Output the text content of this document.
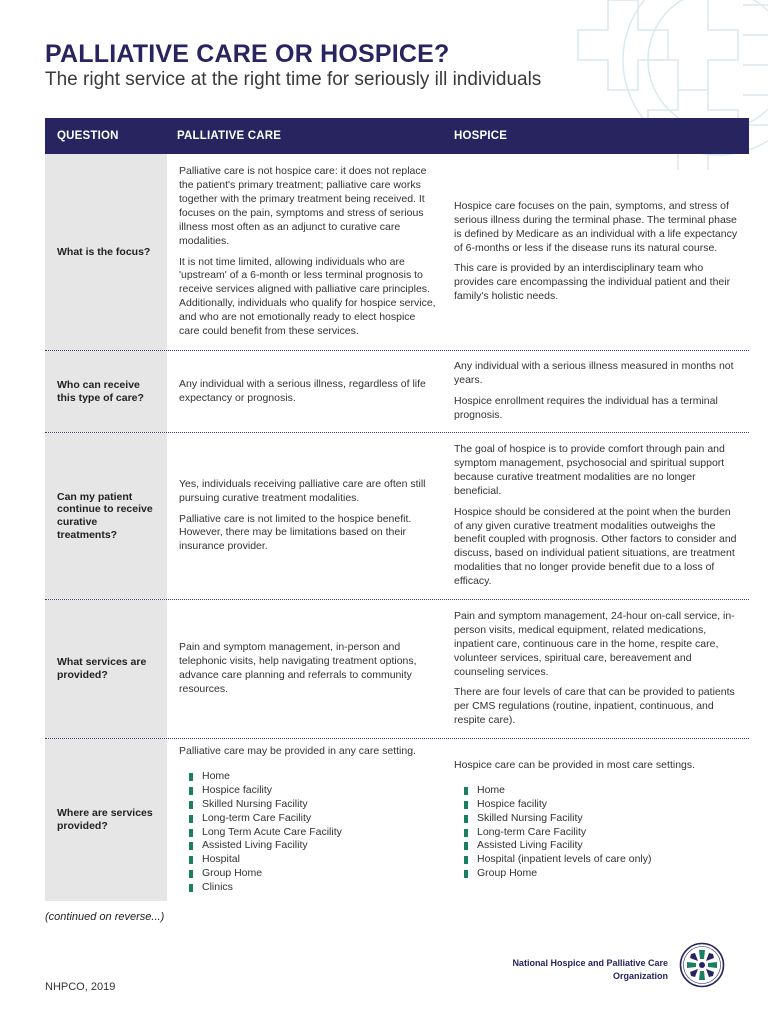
PALLIATIVE CARE OR HOSPICE?
The right service at the right time for seriously ill individuals
QUESTION	PALLIATIVE CARE	HOSPICE
What is the focus?

Palliative care is not hospice care: it does not replace the patient's primary treatment; palliative care works together with the primary treatment being received. It focuses on the pain, symptoms and stress of serious illness most often as an adjunct to curative care modalities.

It is not time limited, allowing individuals who are 'upstream' of a 6-month or less terminal prognosis to receive services aligned with palliative care principles. Additionally, individuals who qualify for hospice service, and who are not emotionally ready to elect hospice care could benefit from these services.

Hospice care focuses on the pain, symptoms, and stress of serious illness during the terminal phase. The terminal phase is defined by Medicare as an individual with a life expectancy of 6-months or less if the disease runs its natural course.

This care is provided by an interdisciplinary team who provides care encompassing the individual patient and their family's holistic needs.

Who can receive this type of care?

Any individual with a serious illness, regardless of life expectancy or prognosis.

Any individual with a serious illness measured in months not years.

Hospice enrollment requires the individual has a terminal prognosis.

Can my patient continue to receive curative treatments?

Yes, individuals receiving palliative care are often still pursuing curative treatment modalities.

Palliative care is not limited to the hospice benefit. However, there may be limitations based on their insurance provider.

The goal of hospice is to provide comfort through pain and symptom management, psychosocial and spiritual support because curative treatment modalities are no longer beneficial.

Hospice should be considered at the point when the burden of any given curative treatment modalities outweighs the benefit coupled with prognosis. Other factors to consider and discuss, based on individual patient situations, are treatment modalities that no longer provide benefit due to a loss of efficacy.

What services are provided?

Pain and symptom management, in-person and telephonic visits, help navigating treatment options, advance care planning and referrals to community resources.

Pain and symptom management, 24-hour on-call service, in-person visits, medical equipment, related medications, inpatient care, continuous care in the home, respite care, volunteer services, spiritual care, bereavement and counseling services.

There are four levels of care that can be provided to patients per CMS regulations (routine, inpatient, continuous, and respite care).

Where are services provided?

Palliative care may be provided in any care setting.

Home
Hospice facility
Skilled Nursing Facility
Long-term Care Facility
Long Term Acute Care Facility
Assisted Living Facility
Hospital
Group Home
Clinics

Hospice care can be provided in most care settings.

Home
Hospice facility
Skilled Nursing Facility
Long-term Care Facility
Assisted Living Facility
Hospital (inpatient levels of care only)
Group Home
(continued on reverse...)
NHPCO, 2019
National Hospice and Palliative Care
Organization
